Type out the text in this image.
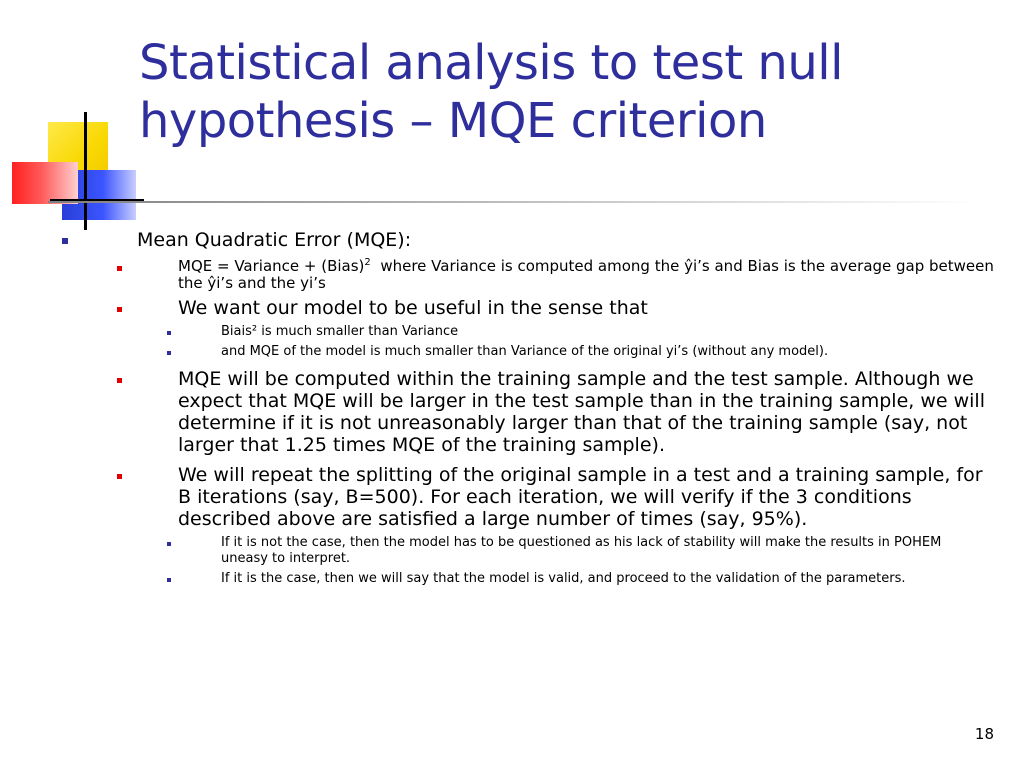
Statistical analysis to test null
hypothesis – MQE criterion
Mean Quadratic Error (MQE):
MQE = Variance + (Bias)$^2$  where Variance is computed among the ŷi’s and Bias is the average gap between the ŷi’s and the yi’s
We want our model to be useful in the sense that
Biais² is much smaller than Variance
and MQE of the model is much smaller than Variance of the original yi’s (without any model).
MQE will be computed within the training sample and the test sample. Although we expect that MQE will be larger in the test sample than in the training sample, we will determine if it is not unreasonably larger than that of the training sample (say, not larger that 1.25 times MQE of the training sample).
We will repeat the splitting of the original sample in a test and a training sample, for B iterations (say, B=500). For each iteration, we will verify if the 3 conditions described above are satisfied a large number of times (say, 95%).
If it is not the case, then the model has to be questioned as his lack of stability will make the results in POHEM uneasy to interpret.
If it is the case, then we will say that the model is valid, and proceed to the validation of the parameters.
18
